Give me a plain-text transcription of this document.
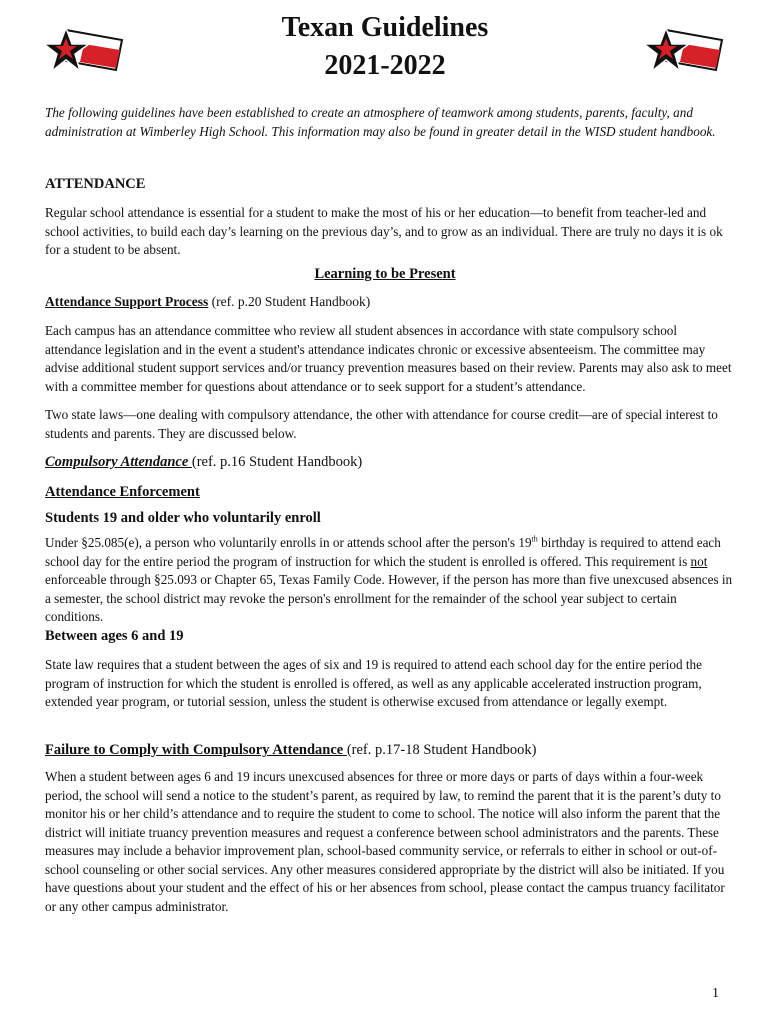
Texan Guidelines
2021-2022
The following guidelines have been established to create an atmosphere of teamwork among students, parents, faculty, and administration at Wimberley High School. This information may also be found in greater detail in the WISD student handbook.
ATTENDANCE
Regular school attendance is essential for a student to make the most of his or her education—to benefit from teacher-led and school activities, to build each day’s learning on the previous day’s, and to grow as an individual. There are truly no days it is ok for a student to be absent.
Learning to be Present
Attendance Support Process (ref. p.20 Student Handbook)
Each campus has an attendance committee who review all student absences in accordance with state compulsory school attendance legislation and in the event a student's attendance indicates chronic or excessive absenteeism. The committee may advise additional student support services and/or truancy prevention measures based on their review. Parents may also ask to meet with a committee member for questions about attendance or to seek support for a student’s attendance.
Two state laws—one dealing with compulsory attendance, the other with attendance for course credit—are of special interest to students and parents. They are discussed below.
Compulsory Attendance (ref. p.16 Student Handbook)
Attendance Enforcement
Students 19 and older who voluntarily enroll
Under §25.085(e), a person who voluntarily enrolls in or attends school after the person's 19th birthday is required to attend each school day for the entire period the program of instruction for which the student is enrolled is offered. This requirement is not enforceable through §25.093 or Chapter 65, Texas Family Code. However, if the person has more than five unexcused absences in a semester, the school district may revoke the person's enrollment for the remainder of the school year subject to certain conditions.
Between ages 6 and 19
State law requires that a student between the ages of six and 19 is required to attend each school day for the entire period the program of instruction for which the student is enrolled is offered, as well as any applicable accelerated instruction program, extended year program, or tutorial session, unless the student is otherwise excused from attendance or legally exempt.
Failure to Comply with Compulsory Attendance (ref. p.17-18 Student Handbook)
When a student between ages 6 and 19 incurs unexcused absences for three or more days or parts of days within a four-week period, the school will send a notice to the student’s parent, as required by law, to remind the parent that it is the parent’s duty to monitor his or her child’s attendance and to require the student to come to school. The notice will also inform the parent that the district will initiate truancy prevention measures and request a conference between school administrators and the parents. These measures may include a behavior improvement plan, school-based community service, or referrals to either in school or out-of-school counseling or other social services. Any other measures considered appropriate by the district will also be initiated. If you have questions about your student and the effect of his or her absences from school, please contact the campus truancy facilitator or any other campus administrator.
1
